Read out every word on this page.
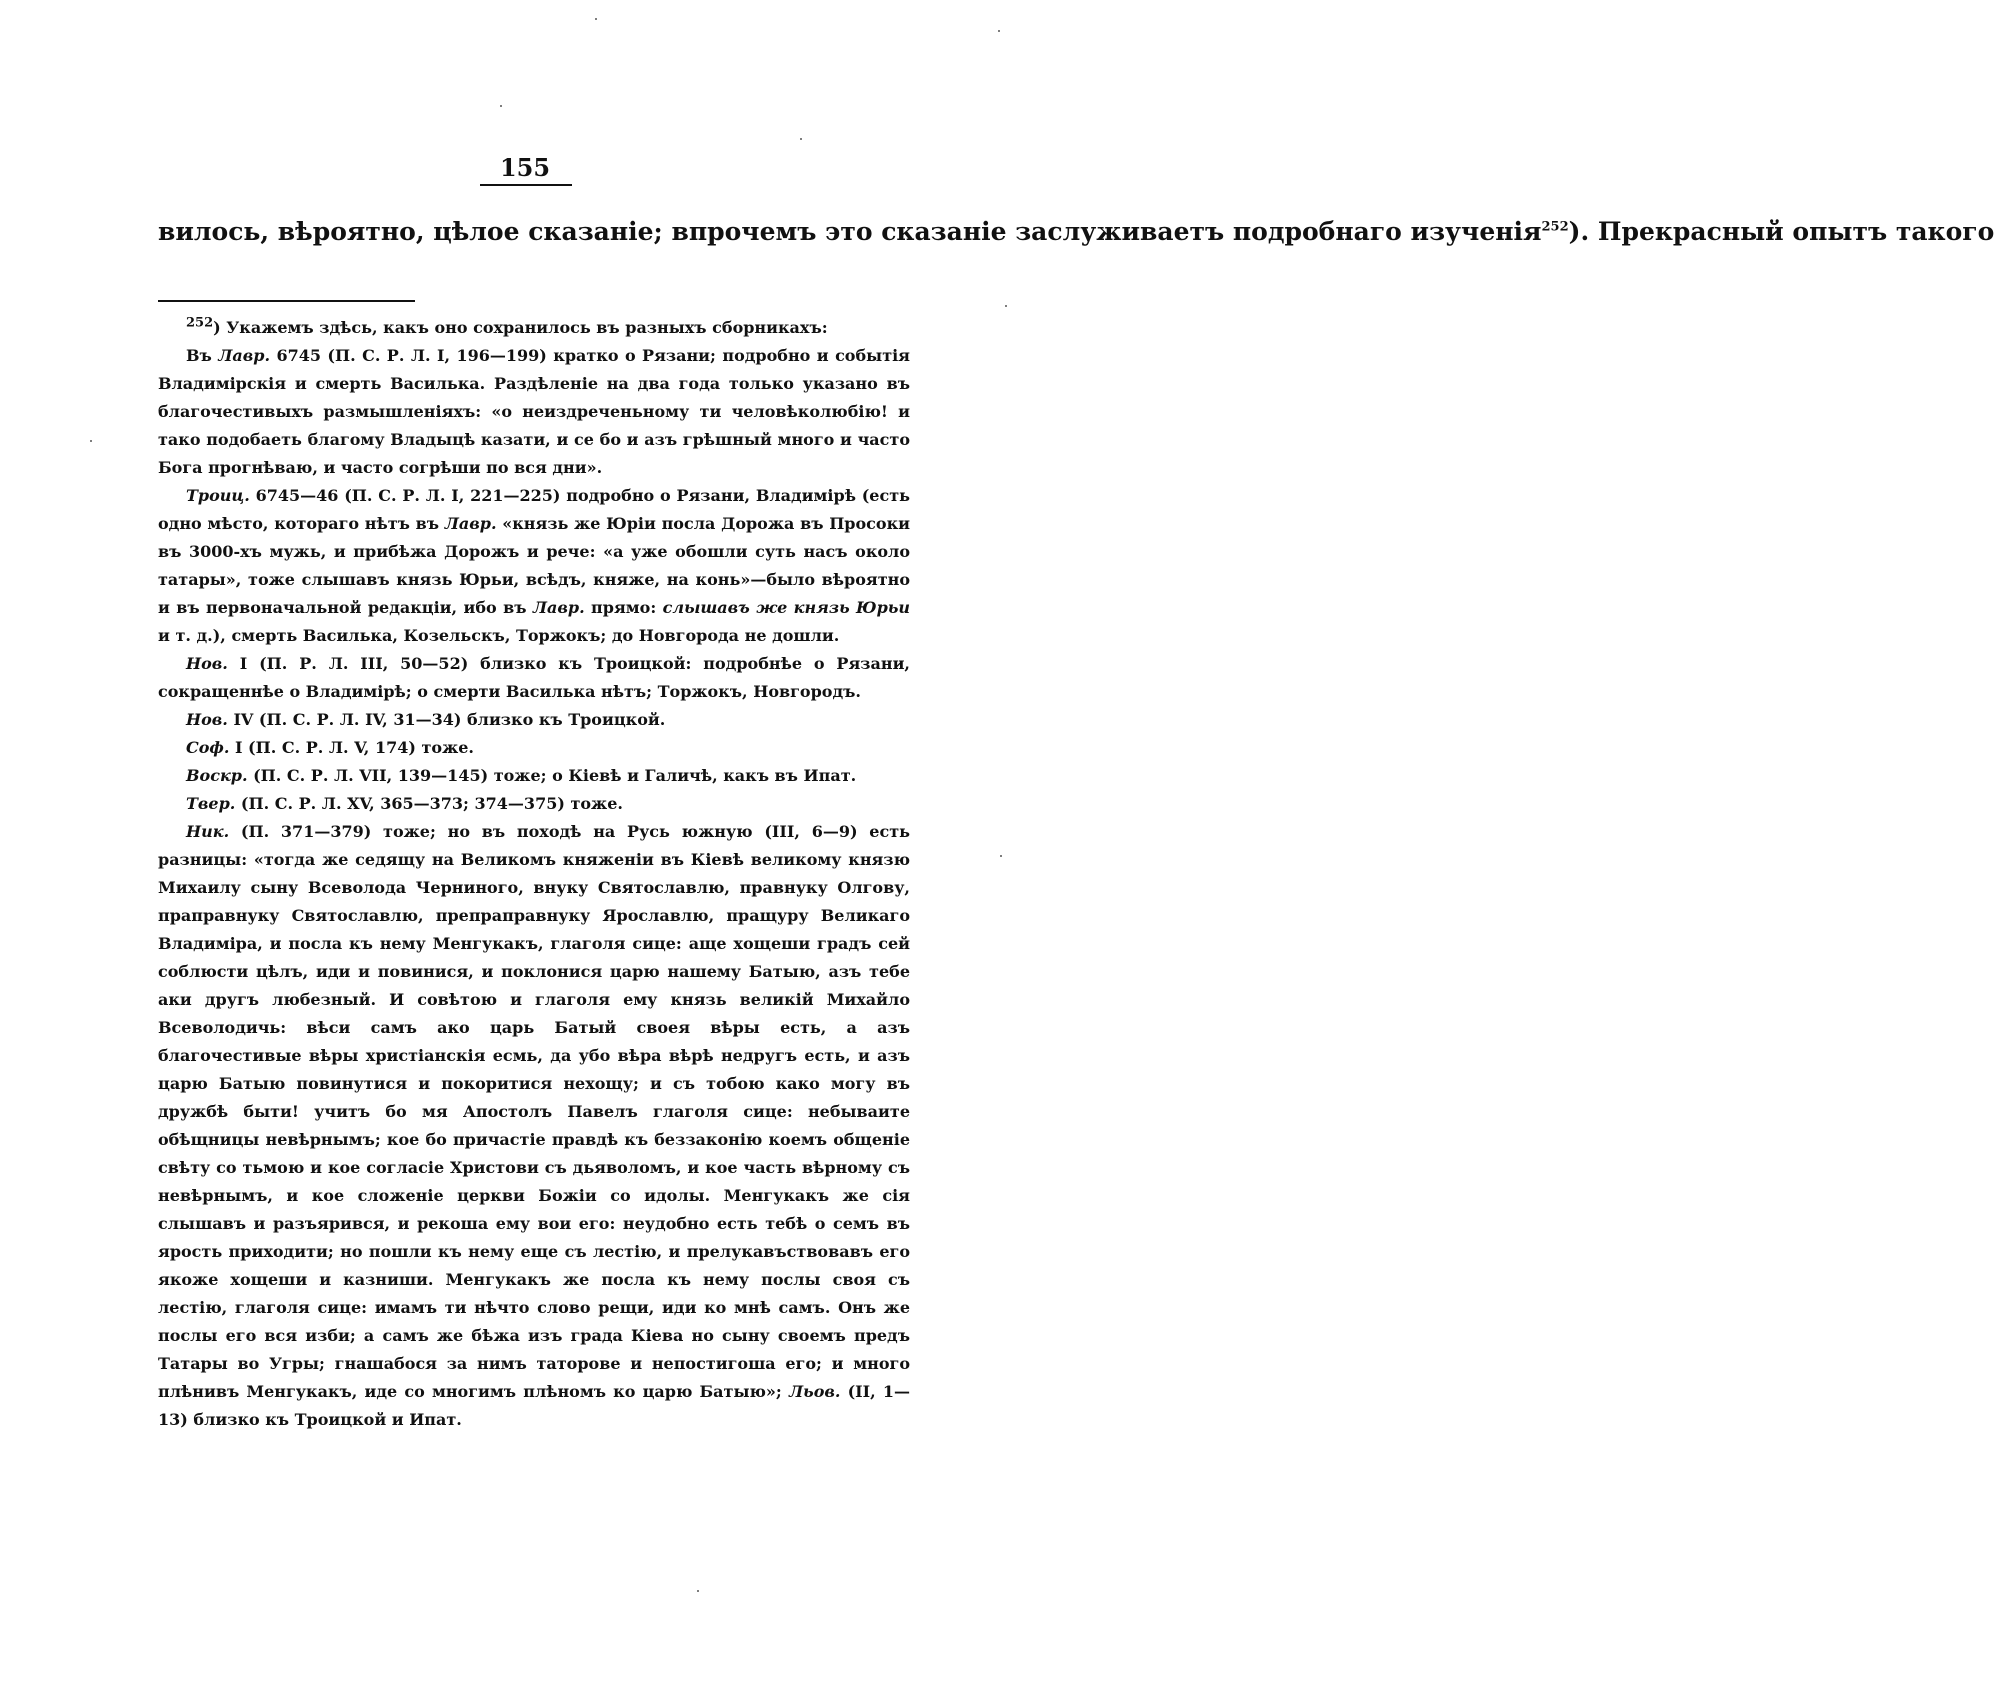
155
вилось, вѣроятно, цѣлое сказаніе; впрочемъ это сказаніе заслуживаетъ подробнаго изученія$^{252}$). Прекрасный опытъ такого

$^{252}$) Укажемъ здѣсь, какъ оно сохранилось въ разныхъ сборникахъ:

Въ Лавр. 6745 (П. С. Р. Л. I, 196—199) кратко о Рязани; подробно и событія Владимірскія и смерть Василька. Раздѣленіе на два года только указано въ благочестивыхъ размышленіяхъ: «о неиздреченьному ти человѣколюбію! и тако подобаеть благому Владыцѣ казати, и се бо и азъ грѣшный много и часто Бога прогнѣваю, и часто согрѣши по вся дни».

Троиц. 6745—46 (П. С. Р. Л. I, 221—225) подробно о Рязани, Владимірѣ (есть одно мѣсто, котораго нѣтъ въ Лавр. «князь же Юріи посла Дорожа въ Просоки въ 3000-хъ мужь, и прибѣжа Дорожъ и рече: «а уже обошли суть насъ около татары», тоже слышавъ князь Юрьи, всѣдъ, княже, на конь»—было вѣроятно и въ первоначальной редакціи, ибо въ Лавр. прямо: слышавъ же князь Юрьи и т. д.), смерть Василька, Козельскъ, Торжокъ; до Новгорода не дошли.

Нов. I (П. Р. Л. III, 50—52) близко къ Троицкой: подробнѣе о Рязани, сокращеннѣе о Владимірѣ; о смерти Василька нѣтъ; Торжокъ, Новгородъ.

Нов. IV (П. С. Р. Л. IV, 31—34) близко къ Троицкой.

Соф. I (П. С. Р. Л. V, 174) тоже.

Воскр. (П. С. Р. Л. VII, 139—145) тоже; о Кіевѣ и Галичѣ, какъ въ Ипат.

Твер. (П. С. Р. Л. XV, 365—373; 374—375) тоже.

Ник. (П. 371—379) тоже; но въ походѣ на Русь южную (III, 6—9) есть разницы: «тогда же седящу на Великомъ княженіи въ Кіевѣ великому князю Михаилу сыну Всеволода Черниного, внуку Святославлю, правнуку Олгову, праправнуку Святославлю, препраправнуку Ярославлю, пращуру Великаго Владиміра, и посла къ нему Менгукакъ, глаголя сице: аще хощеши градъ сей соблюсти цѣлъ, иди и повинися, и поклонися царю нашему Батыю, азъ тебе аки другъ любезный. И совѣтою и глаголя ему князь великій Михайло Всеволодичь: вѣси самъ ако царь Батый своея вѣры есть, а азъ благочестивые вѣры христіанскія есмь, да убо вѣра вѣрѣ недругъ есть, и азъ царю Батыю повинутися и покоритися нехощу; и съ тобою како могу въ дружбѣ быти! учитъ бо мя Апостолъ Павелъ глаголя сице: небываите обѣщницы невѣрнымъ; кое бо причастіе правдѣ къ беззаконію коемъ общеніе свѣту со тьмою и кое согласіе Христови съ дьяволомъ, и кое часть вѣрному съ невѣрнымъ, и кое сложеніе церкви Божіи со идолы. Менгукакъ же сія слышавъ и разъярився, и рекоша ему вои его: неудобно есть тебѣ о семъ въ ярость приходити; но пошли къ нему еще съ лестію, и прелукавъствовавъ его якоже хощеши и казниши. Менгукакъ же посла къ нему послы своя съ лестію, глаголя сице: имамъ ти нѣчто слово рещи, иди ко мнѣ самъ. Онъ же послы его вся изби; а самъ же бѣжа изъ града Кіева но сыну своемъ предъ Татары во Угры; гнашабося за нимъ таторове и непостигоша его; и много плѣнивъ Менгукакъ, иде со многимъ плѣномъ ко царю Батыю»; Льов. (II, 1—13) близко къ Троицкой и Ипат.
